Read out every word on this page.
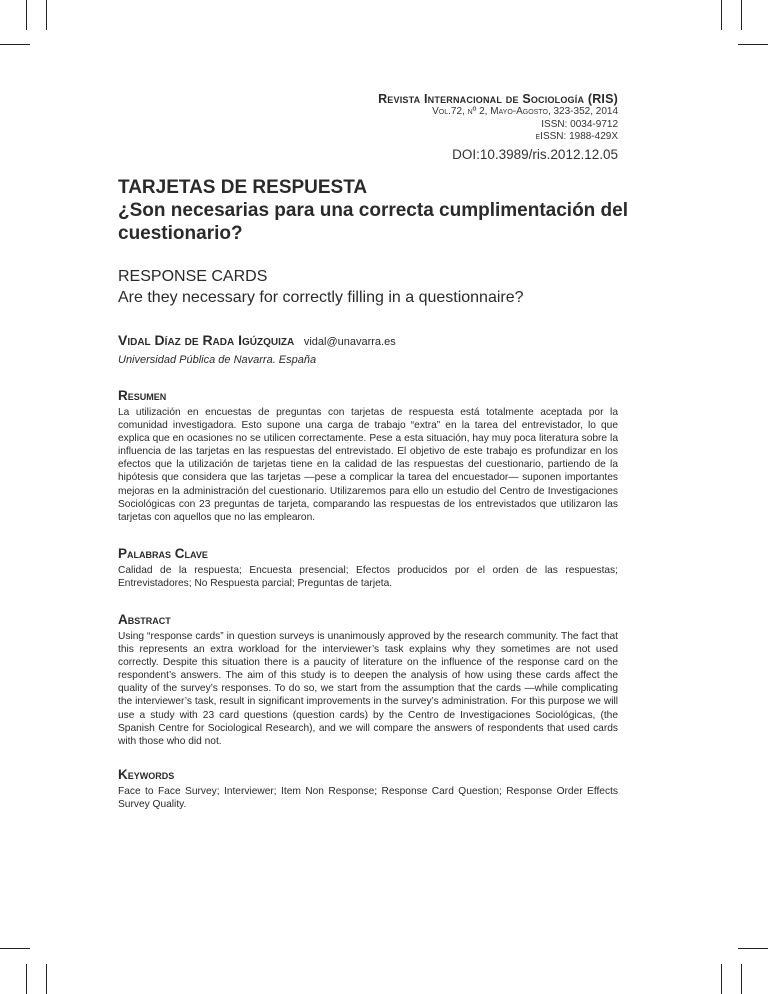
Revista Internacional de Sociología (RIS)
Vol.72, nº 2, Mayo-Agosto, 323-352, 2014
ISSN: 0034-9712
eISSN: 1988-429X
DOI:10.3989/ris.2012.12.05
TARJETAS DE RESPUESTA
¿Son necesarias para una correcta cumplimentación del cuestionario?
RESPONSE CARDS
Are they necessary for correctly filling in a questionnaire?
Vidal Díaz de Rada Igúzquiza vidal@unavarra.es
Universidad Pública de Navarra. España
Resumen
La utilización en encuestas de preguntas con tarjetas de respuesta está totalmente aceptada por la comunidad investigadora. Esto supone una carga de trabajo “extra” en la tarea del entrevistador, lo que explica que en ocasiones no se utilicen correctamente. Pese a esta situación, hay muy poca literatura sobre la influencia de las tarjetas en las respuestas del entrevistado. El objetivo de este trabajo es profundizar en los efectos que la utilización de tarjetas tiene en la calidad de las respuestas del cuestionario, partiendo de la hipótesis que considera que las tarjetas —pese a complicar la tarea del encuestador— suponen importantes mejoras en la administración del cuestionario. Utilizaremos para ello un estudio del Centro de Investigaciones Sociológicas con 23 preguntas de tarjeta, comparando las respuestas de los entrevistados que utilizaron las tarjetas con aquellos que no las emplearon.
Palabras Clave
Calidad de la respuesta; Encuesta presencial; Efectos producidos por el orden de las respuestas; Entrevistadores; No Respuesta parcial; Preguntas de tarjeta.
Abstract
Using “response cards” in question surveys is unanimously approved by the research community. The fact that this represents an extra workload for the interviewer’s task explains why they sometimes are not used correctly. Despite this situation there is a paucity of literature on the influence of the response card on the respondent’s answers. The aim of this study is to deepen the analysis of how using these cards affect the quality of the survey’s responses. To do so, we start from the assumption that the cards —while complicating the interviewer’s task, result in significant improvements in the survey’s administration. For this purpose we will use a study with 23 card questions (question cards) by the Centro de Investigaciones Sociológicas, (the Spanish Centre for Sociological Research), and we will compare the answers of respondents that used cards with those who did not.
Keywords
Face to Face Survey; Interviewer; Item Non Response; Response Card Question; Response Order Effects Survey Quality.
